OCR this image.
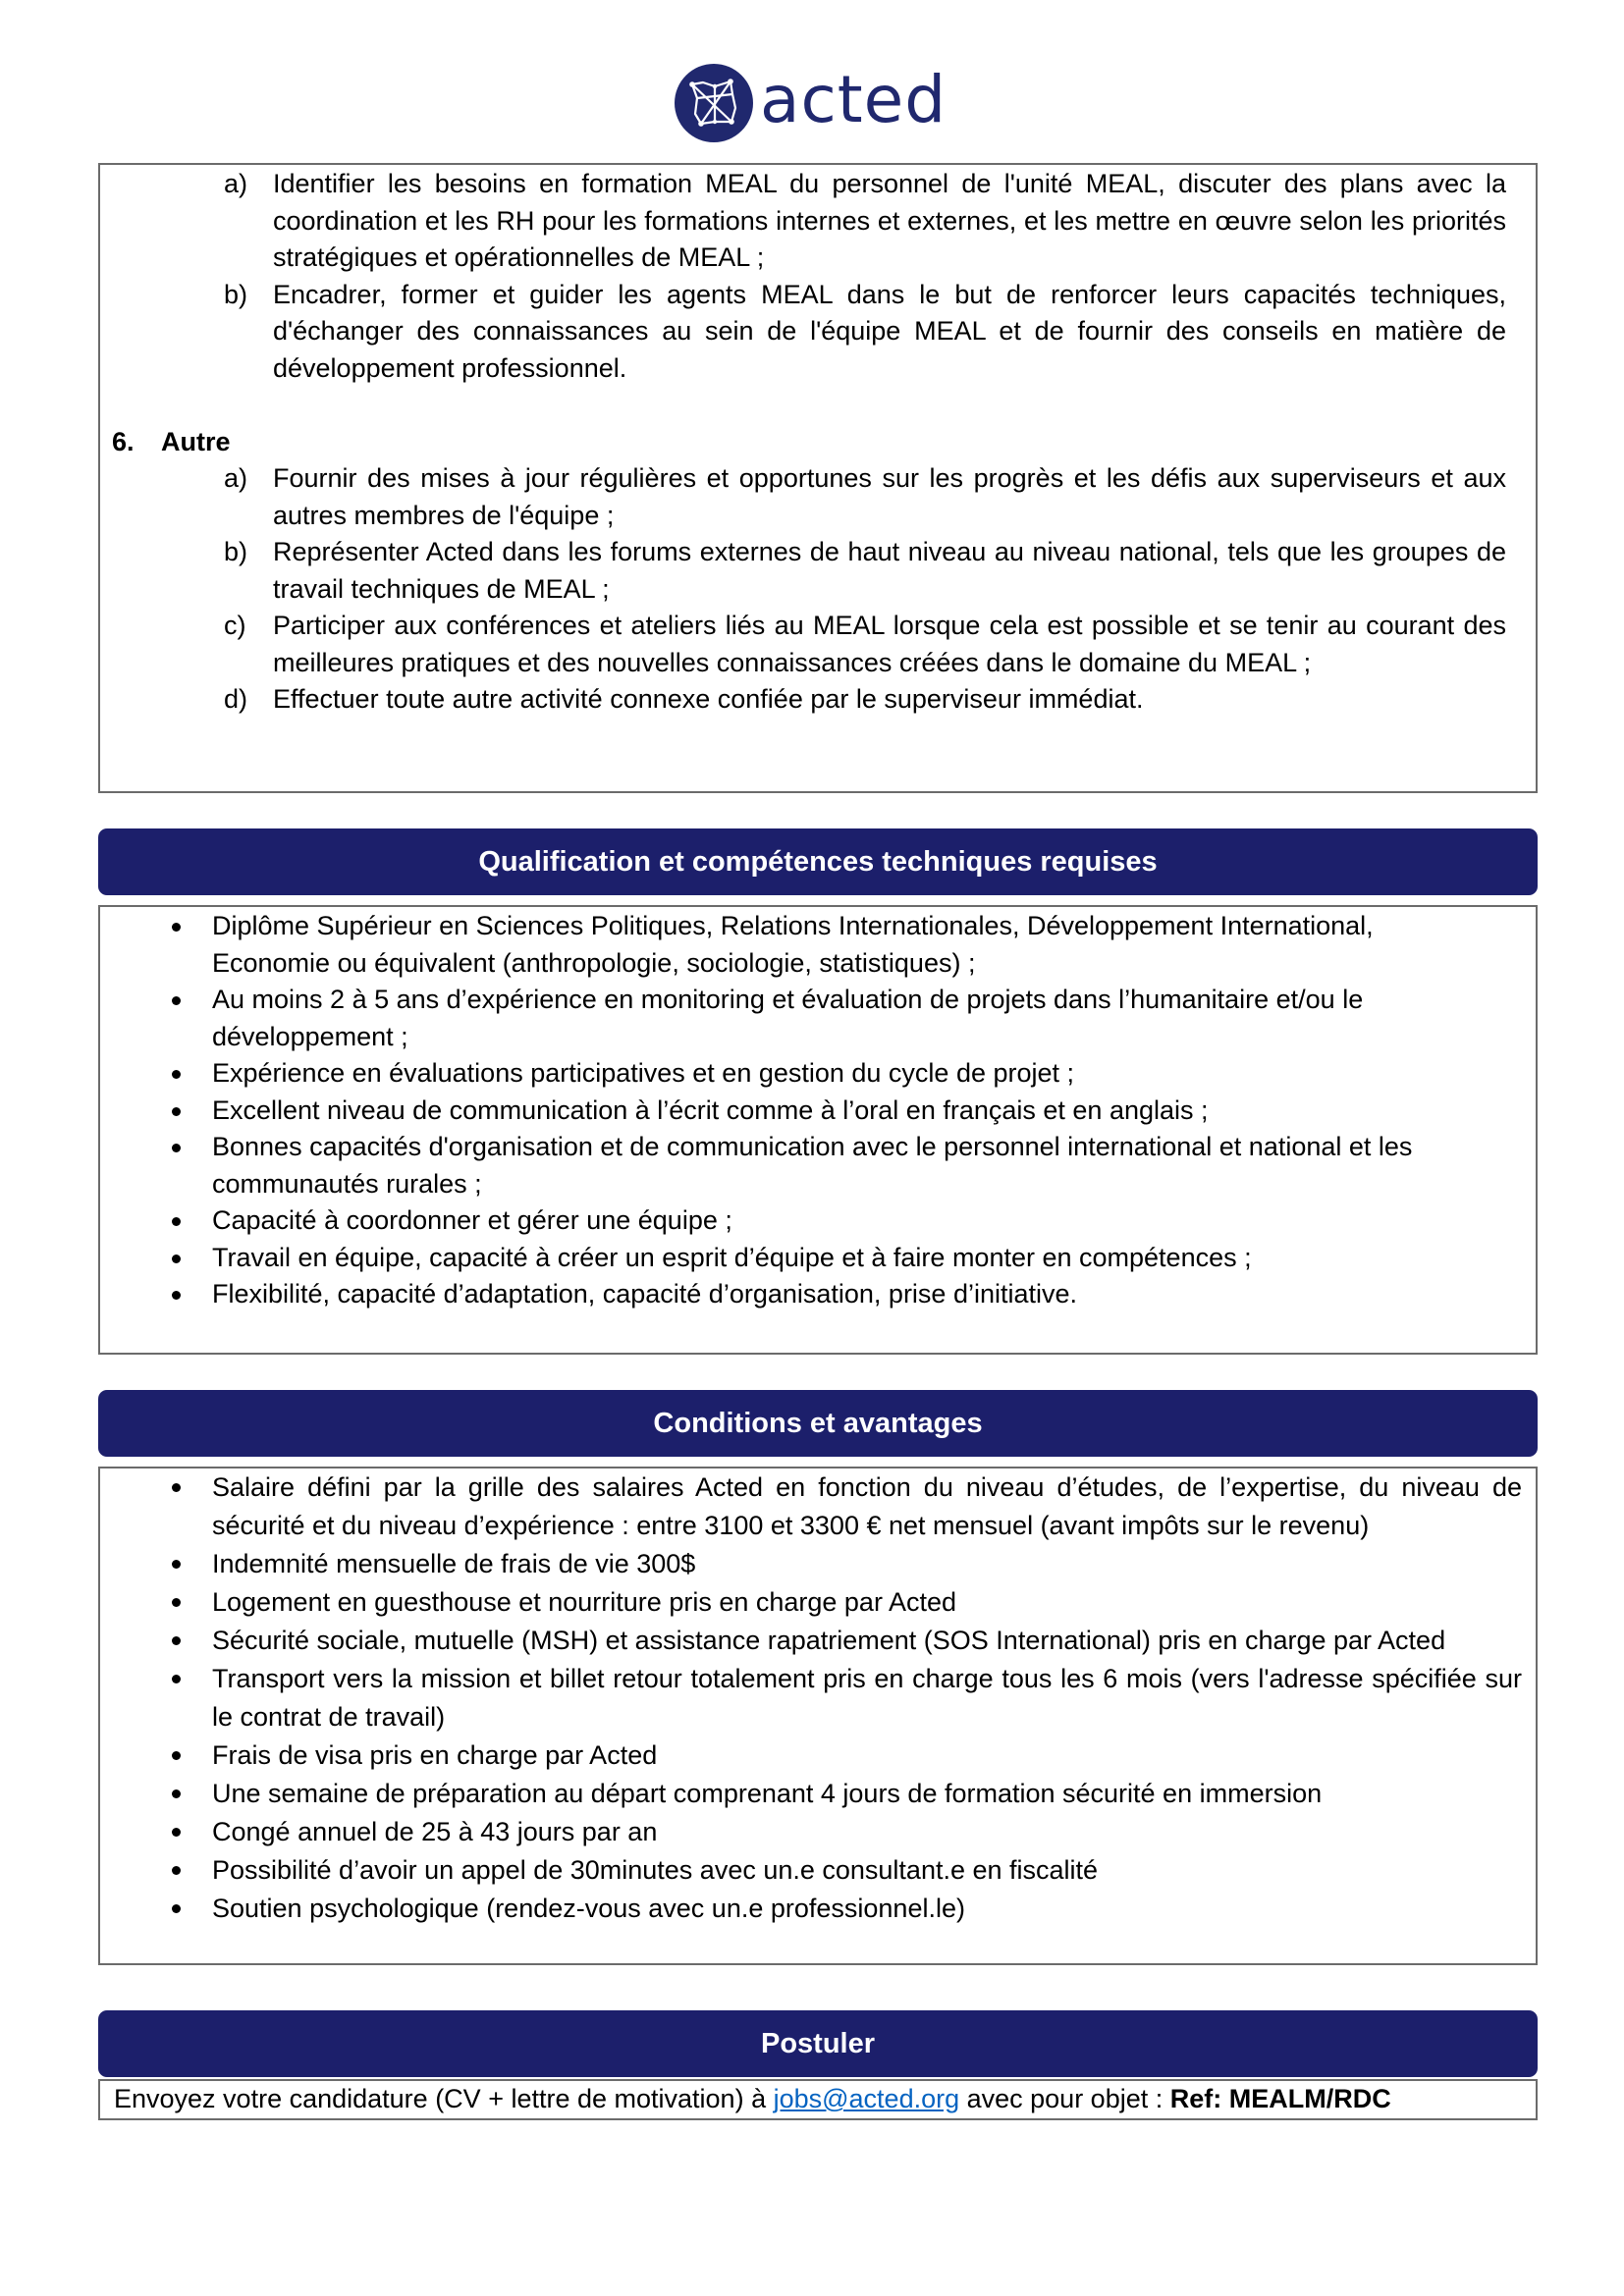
acted
a) Identifier les besoins en formation MEAL du personnel de l'unité MEAL, discuter des plans avec la coordination et les RH pour les formations internes et externes, et les mettre en œuvre selon les priorités stratégiques et opérationnelles de MEAL ;
b) Encadrer, former et guider les agents MEAL dans le but de renforcer leurs capacités techniques, d'échanger des connaissances au sein de l'équipe MEAL et de fournir des conseils en matière de développement professionnel.

6. Autre

a) Fournir des mises à jour régulières et opportunes sur les progrès et les défis aux superviseurs et aux autres membres de l'équipe ;
b) Représenter Acted dans les forums externes de haut niveau au niveau national, tels que les groupes de travail techniques de MEAL ;
c) Participer aux conférences et ateliers liés au MEAL lorsque cela est possible et se tenir au courant des meilleures pratiques et des nouvelles connaissances créées dans le domaine du MEAL ;
d) Effectuer toute autre activité connexe confiée par le superviseur immédiat.
Qualification et compétences techniques requises
Diplôme Supérieur en Sciences Politiques, Relations Internationales, Développement International, Economie ou équivalent (anthropologie, sociologie, statistiques) ;
Au moins 2 à 5 ans d’expérience en monitoring et évaluation de projets dans l’humanitaire et/ou le développement ;
Expérience en évaluations participatives et en gestion du cycle de projet ;
Excellent niveau de communication à l’écrit comme à l’oral en français et en anglais ;
Bonnes capacités d'organisation et de communication avec le personnel international et national et les communautés rurales ;
Capacité à coordonner et gérer une équipe ;
Travail en équipe, capacité à créer un esprit d’équipe et à faire monter en compétences ;
Flexibilité, capacité d’adaptation, capacité d’organisation, prise d’initiative.
Conditions et avantages
Salaire défini par la grille des salaires Acted en fonction du niveau d’études, de l’expertise, du niveau de sécurité et du niveau d’expérience : entre 3100 et 3300 € net mensuel (avant impôts sur le revenu)
Indemnité mensuelle de frais de vie 300$
Logement en guesthouse et nourriture pris en charge par Acted
Sécurité sociale, mutuelle (MSH) et assistance rapatriement (SOS International) pris en charge par Acted
Transport vers la mission et billet retour totalement pris en charge tous les 6 mois (vers l'adresse spécifiée sur le contrat de travail)
Frais de visa pris en charge par Acted
Une semaine de préparation au départ comprenant 4 jours de formation sécurité en immersion
Congé annuel de 25 à 43 jours par an
Possibilité d’avoir un appel de 30minutes avec un.e consultant.e en fiscalité
Soutien psychologique (rendez-vous avec un.e professionnel.le)
Postuler
Envoyez votre candidature (CV + lettre de motivation) à jobs@acted.org avec pour objet : Ref: MEALM/RDC
